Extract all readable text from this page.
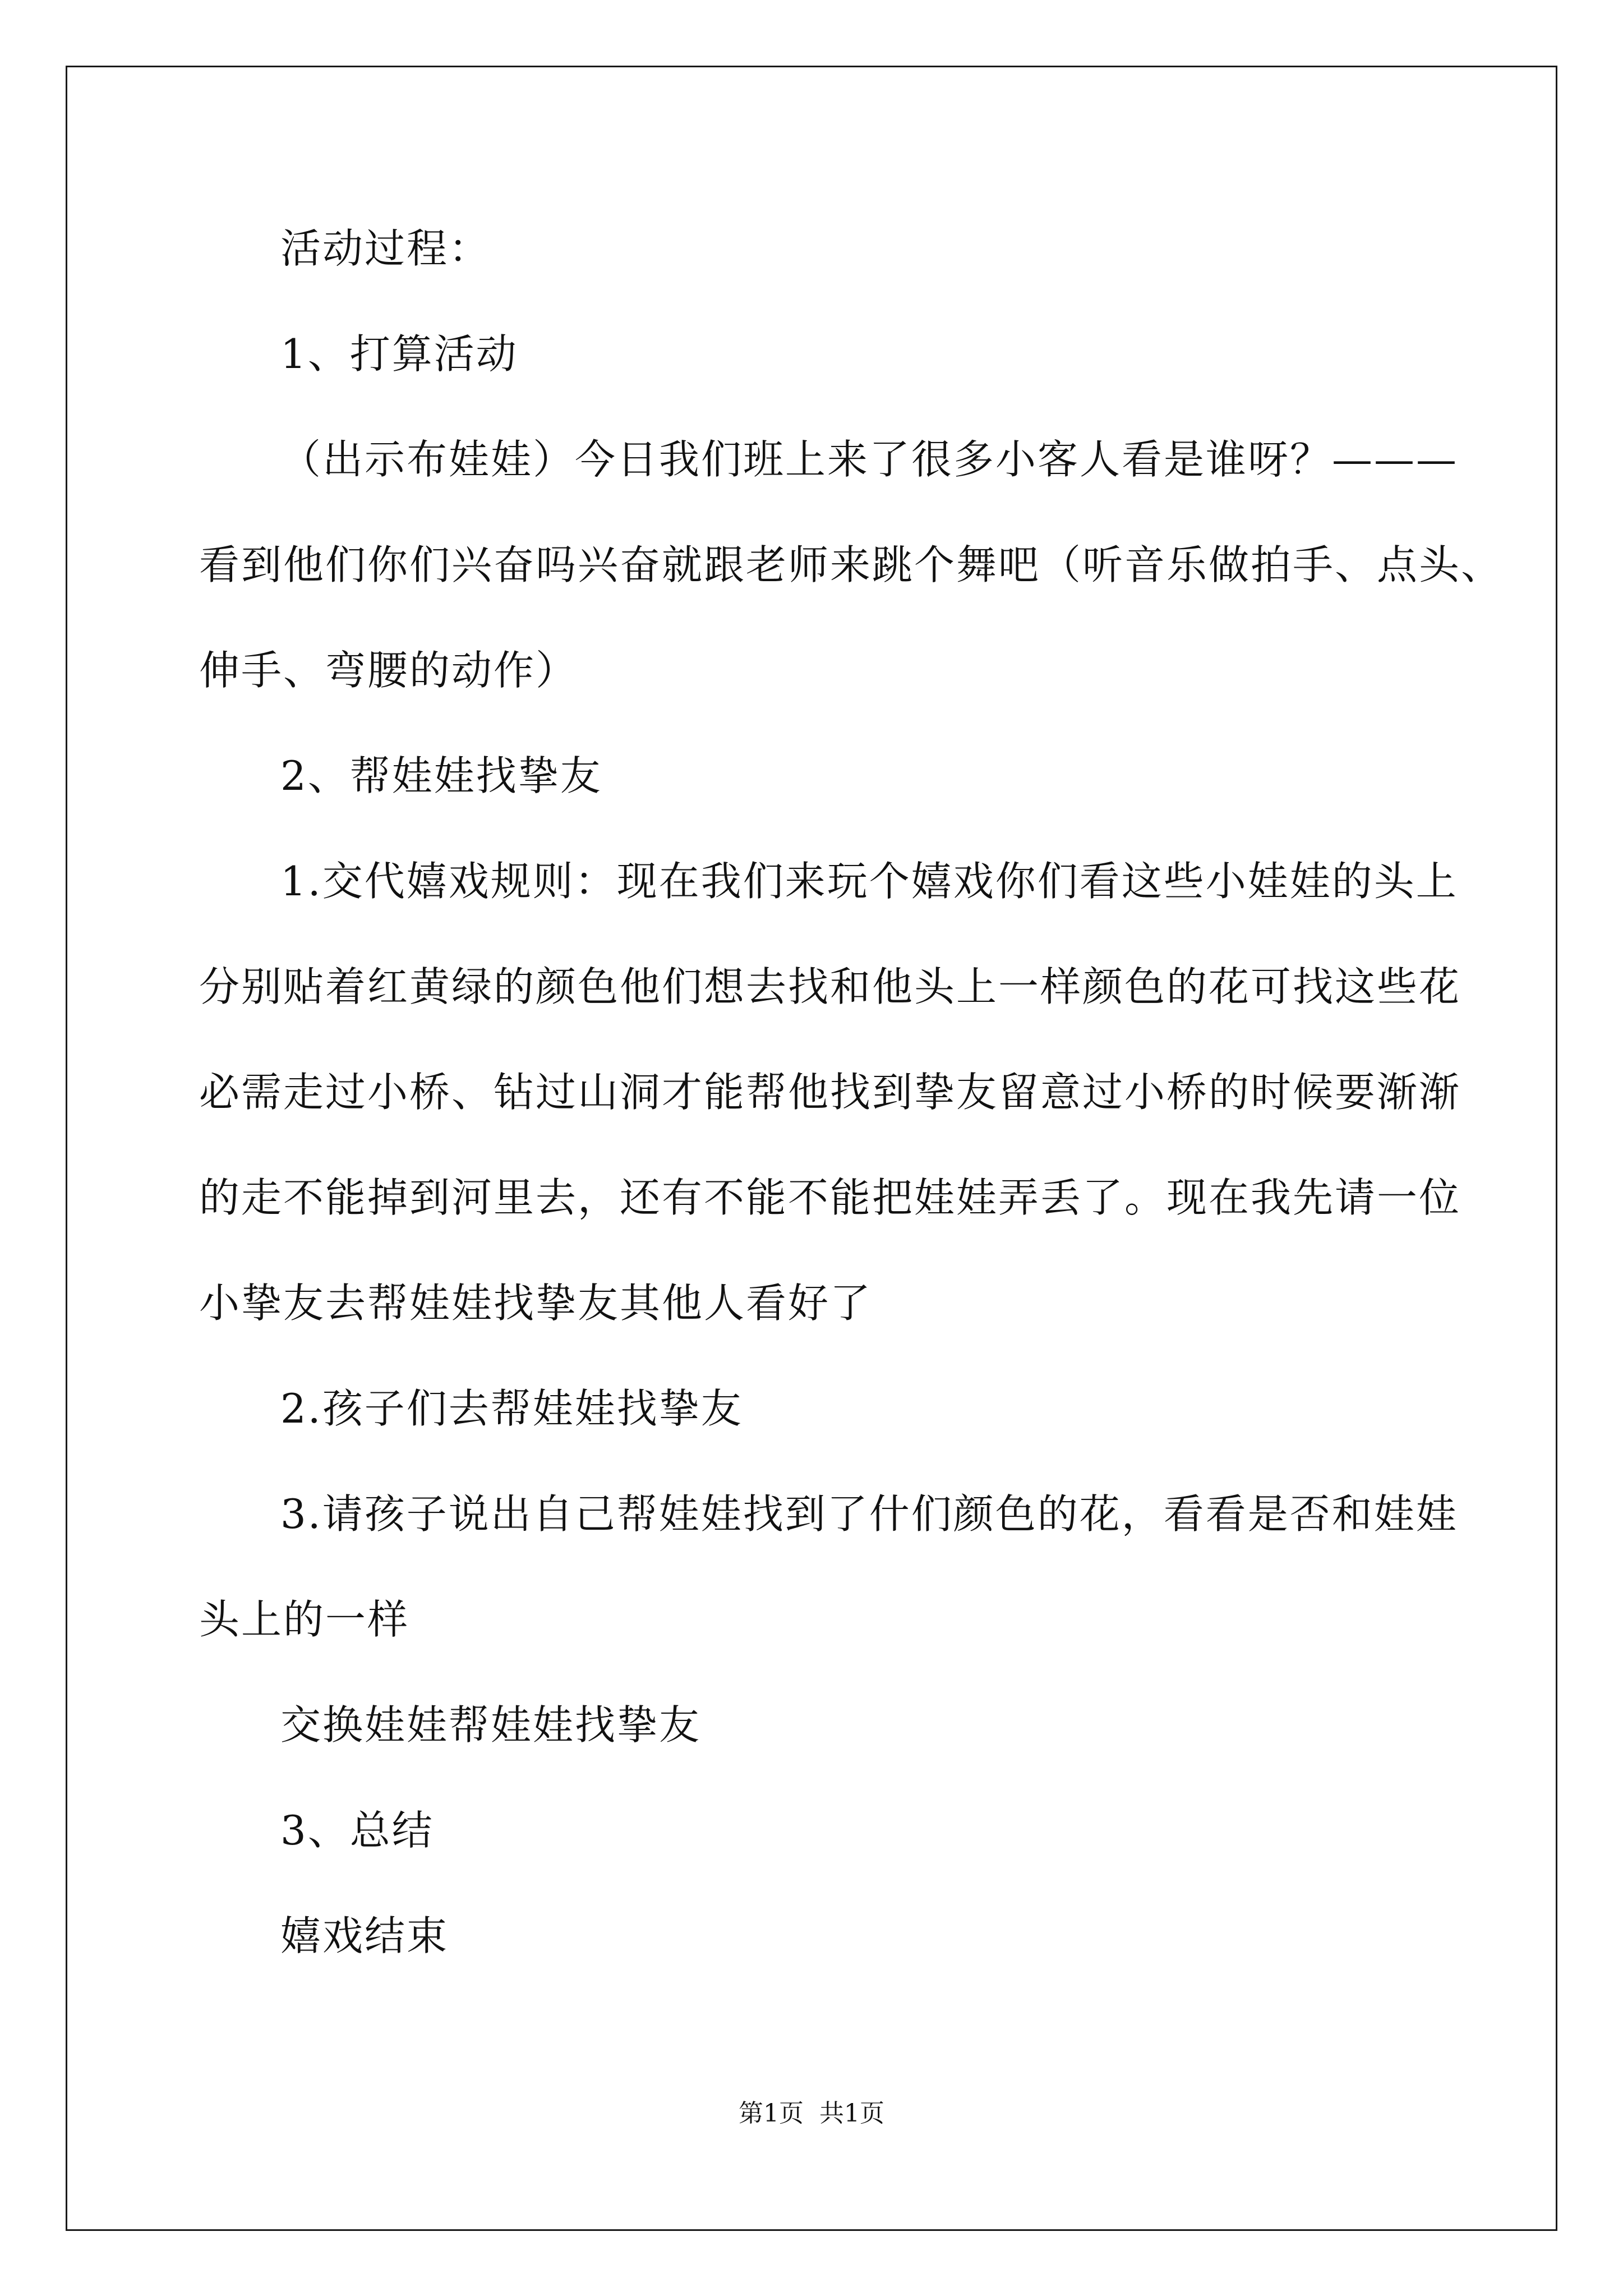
活动过程：
1、打算活动
（出示布娃娃）今日我们班上来了很多小客人看是谁呀？———
看到他们你们兴奋吗兴奋就跟老师来跳个舞吧（听音乐做拍手、点头、
伸手、弯腰的动作）
2、帮娃娃找挚友
1.交代嬉戏规则：现在我们来玩个嬉戏你们看这些小娃娃的头上
分别贴着红黄绿的颜色他们想去找和他头上一样颜色的花可找这些花
必需走过小桥、钻过山洞才能帮他找到挚友留意过小桥的时候要渐渐
的走不能掉到河里去，还有不能不能把娃娃弄丢了。现在我先请一位
小挚友去帮娃娃找挚友其他人看好了
2.孩子们去帮娃娃找挚友
3.请孩子说出自己帮娃娃找到了什们颜色的花，看看是否和娃娃
头上的一样
交换娃娃帮娃娃找挚友
3、总结
嬉戏结束
第1页 共1页
